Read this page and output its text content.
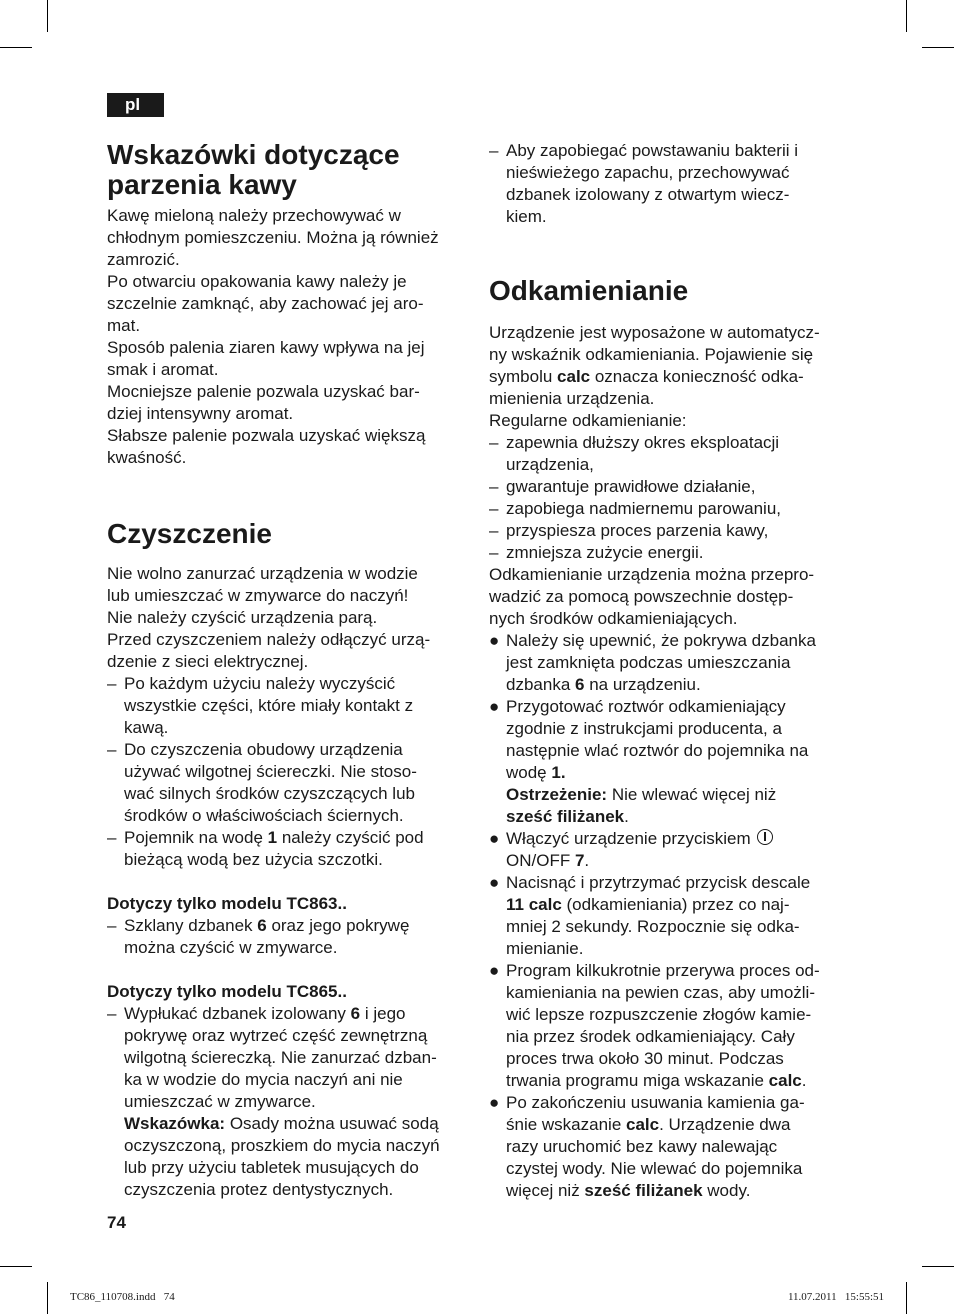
pl
Wskazówki dotyczące
parzenia kawy

Kawę mieloną należy przechowywać w

chłodnym pomieszczeniu. Można ją również

zamrozić.

Po otwarciu opakowania kawy należy je

szczelnie zamknąć, aby zachować jej aro-

mat.

Sposób palenia ziaren kawy wpływa na jej

smak i aromat.

Mocniejsze palenie pozwala uzyskać bar-

dziej intensywny aromat.

Słabsze palenie pozwala uzyskać większą

kwaśność.

Czyszczenie

Nie wolno zanurzać urządzenia w wodzie

lub umieszczać w zmywarce do naczyń!

Nie należy czyścić urządzenia parą.

Przed czyszczeniem należy odłączyć urzą-

dzenie z sieci elektrycznej.

– Po każdym użyciu należy wyczyścić

wszystkie części, które miały kontakt z

kawą.

– Do czyszczenia obudowy urządzenia

używać wilgotnej ściereczki. Nie stoso-

wać silnych środków czyszczących lub

środków o właściwościach ściernych.

– Pojemnik na wodę 1 należy czyścić pod

bieżącą wodą bez użycia szczotki.

Dotyczy tylko modelu TC863..
– Szklany dzbanek 6 oraz jego pokrywę

można czyścić w zmywarce.

Dotyczy tylko modelu TC865..
– Wypłukać dzbanek izolowany 6 i jego

pokrywę oraz wytrzeć część zewnętrzną

wilgotną ściereczką. Nie zanurzać dzban-

ka w wodzie do mycia naczyń ani nie

umieszczać w zmywarce.

Wskazówka: Osady można usuwać sodą

oczyszczoną, proszkiem do mycia naczyń

lub przy użyciu tabletek musujących do

czyszczenia protez dentystycznych.

– Aby zapobiegać powstawaniu bakterii i

nieświeżego zapachu, przechowywać

dzbanek izolowany z otwartym wiecz-

kiem.

Odkamienianie

Urządzenie jest wyposażone w automatycz-

ny wskaźnik odkamieniania. Pojawienie się

symbolu calc oznacza konieczność odka-

mienienia urządzenia.

Regularne odkamienianie:

– zapewnia dłuższy okres eksploatacji

urządzenia,

– gwarantuje prawidłowe działanie,

– zapobiega nadmiernemu parowaniu,

– przyspiesza proces parzenia kawy,

– zmniejsza zużycie energii.

Odkamienianie urządzenia można przepro-

wadzić za pomocą powszechnie dostęp-

nych środków odkamieniających.

● Należy się upewnić, że pokrywa dzbanka

jest zamknięta podczas umieszczania

dzbanka 6 na urządzeniu.

● Przygotować roztwór odkamieniający

zgodnie z instrukcjami producenta, a

następnie wlać roztwór do pojemnika na

wodę 1.

Ostrzeżenie: Nie wlewać więcej niż

sześć filiżanek.

● Włączyć urządzenie przyciskiem

ON/OFF 7.

● Nacisnąć i przytrzymać przycisk descale

11 calc (odkamieniania) przez co naj-

mniej 2 sekundy. Rozpocznie się odka-

mienianie.

● Program kilkukrotnie przerywa proces od-

kamieniania na pewien czas, aby umożli-

wić lepsze rozpuszczenie złogów kamie-

nia przez środek odkamieniający. Cały

proces trwa około 30 minut. Podczas

trwania programu miga wskazanie calc.

● Po zakończeniu usuwania kamienia ga-

śnie wskazanie calc. Urządzenie dwa

razy uruchomić bez kawy nalewając

czystej wody. Nie wlewać do pojemnika

więcej niż sześć filiżanek wody.

74
TC86_110708.indd   74	11.07.2011   15:55:51
